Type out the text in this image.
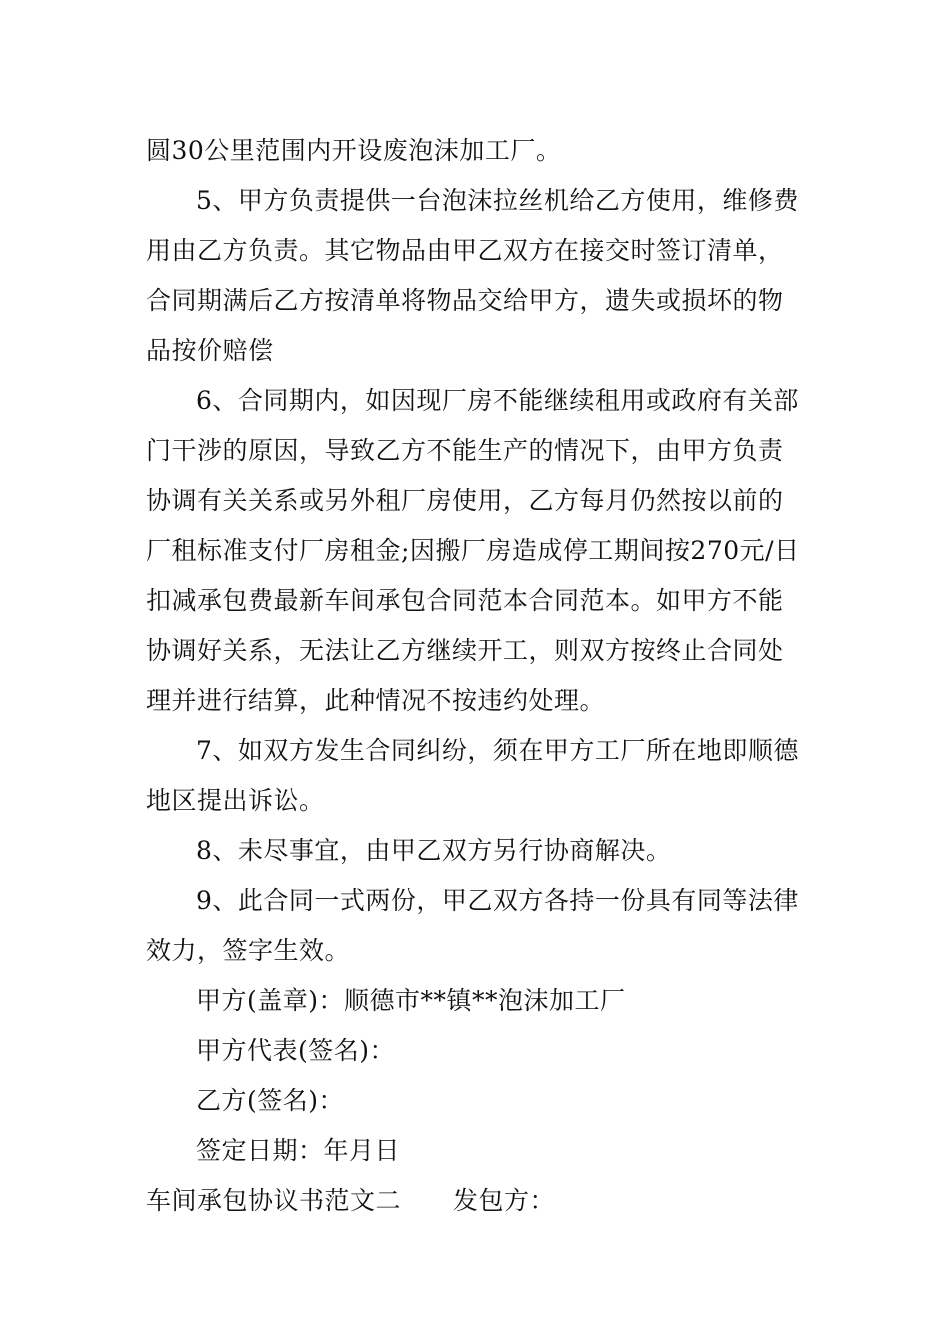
圆30公里范围内开设废泡沫加工厂。
5、甲方负责提供一台泡沫拉丝机给乙方使用，维修费
用由乙方负责。其它物品由甲乙双方在接交时签订清单，
合同期满后乙方按清单将物品交给甲方，遗失或损坏的物
品按价赔偿
6、合同期内，如因现厂房不能继续租用或政府有关部
门干涉的原因，导致乙方不能生产的情况下，由甲方负责
协调有关关系或另外租厂房使用，乙方每月仍然按以前的
厂租标准支付厂房租金;因搬厂房造成停工期间按270元/日
扣减承包费最新车间承包合同范本合同范本。如甲方不能
协调好关系，无法让乙方继续开工，则双方按终止合同处
理并进行结算，此种情况不按违约处理。
7、如双方发生合同纠纷，须在甲方工厂所在地即顺德
地区提出诉讼。
8、未尽事宜，由甲乙双方另行协商解决。
9、此合同一式两份，甲乙双方各持一份具有同等法律
效力，签字生效。
甲方(盖章)：顺德市**镇**泡沫加工厂
甲方代表(签名)：
乙方(签名)：
签定日期：年月日
车间承包协议书范文二 发包方：
